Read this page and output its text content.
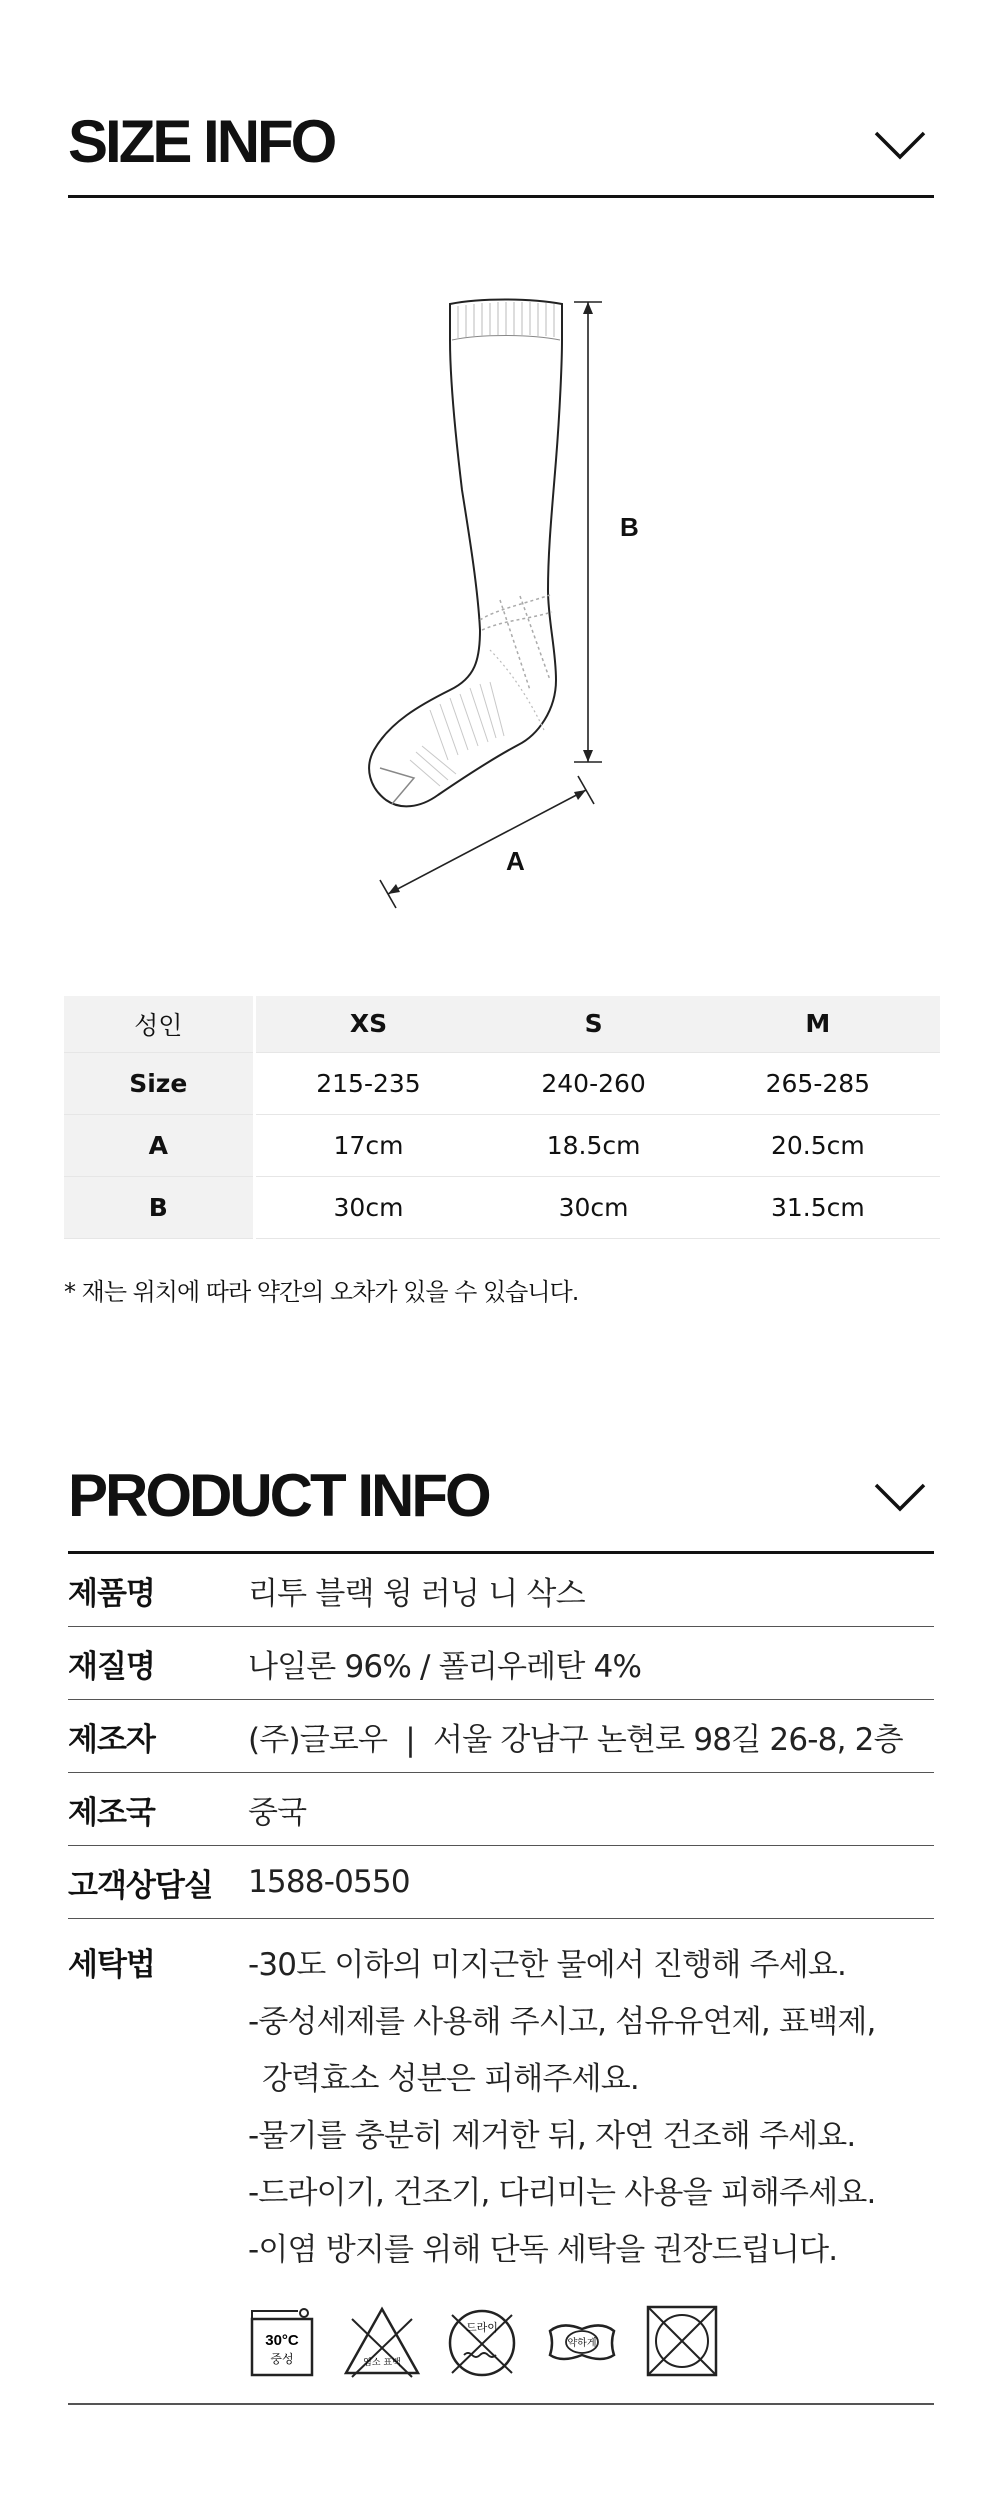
SIZE INFO
B
A
성인	XS	S	M	
Size	215-235	240-260	265-285	
A	17cm	18.5cm	20.5cm	
B	30cm	30cm	31.5cm	
* 재는 위치에 따라 약간의 오차가 있을 수 있습니다.
PRODUCT INFO
제품명	리투 블랙 윙 러닝 니 삭스
재질명	나일론 96% / 폴리우레탄 4%
제조자	(주)글로우  |  서울 강남구 논현로 98길 26-8, 2층
제조국	중국
고객상담실	1588-0550
세탁법	-30도 이하의 미지근한 물에서 진행해 주세요.
-중성세제를 사용해 주시고, 섬유유연제, 표백제,
강력효소 성분은 피해주세요.
-물기를 충분히 제거한 뒤, 자연 건조해 주세요.
-드라이기, 건조기, 다리미는 사용을 피해주세요.
-이염 방지를 위해 단독 세탁을 권장드립니다.
30°C
중성	염소 표백
드라이
약하게
